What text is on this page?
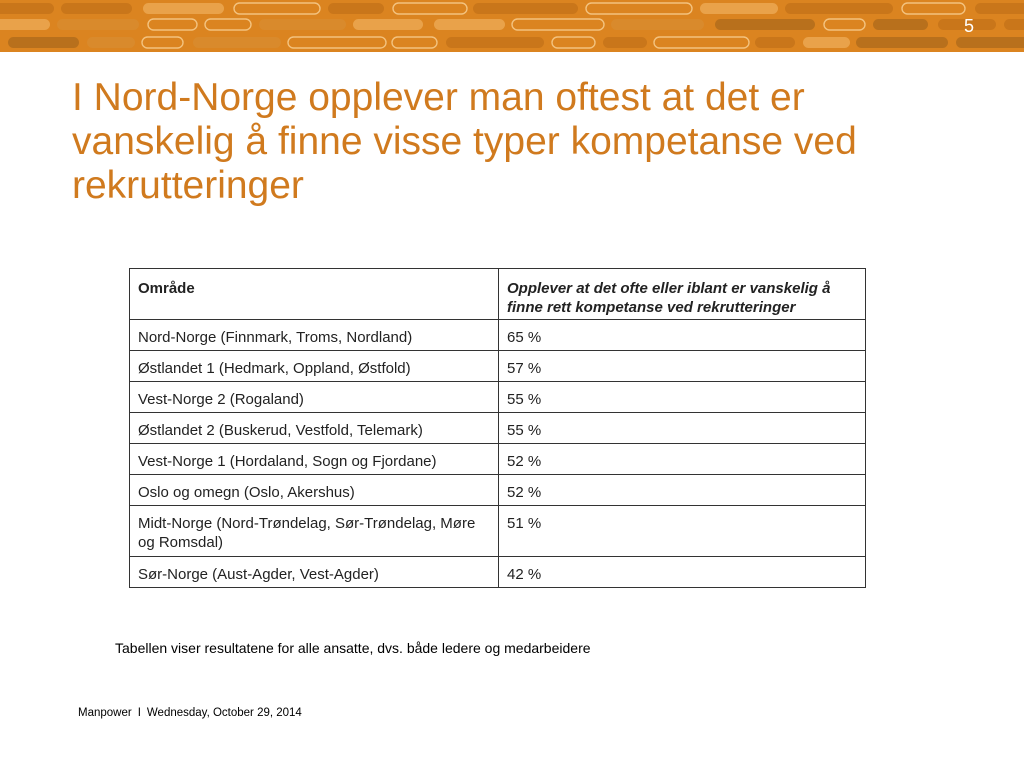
5
I Nord-Norge opplever man oftest at det er vanskelig å finne visse typer kompetanse ved rekrutteringer
Område	Opplever at det ofte eller iblant er vanskelig å finne rett kompetanse ved rekrutteringer
Nord-Norge (Finnmark, Troms, Nordland)	65 %
Østlandet 1 (Hedmark, Oppland, Østfold)	57 %
Vest-Norge 2 (Rogaland)	55 %
Østlandet 2 (Buskerud, Vestfold, Telemark)	55 %
Vest-Norge 1 (Hordaland, Sogn og Fjordane)	52 %
Oslo og omegn (Oslo, Akershus)	52 %
Midt-Norge (Nord-Trøndelag, Sør-Trøndelag, Møre og Romsdal)	51 %
Sør-Norge (Aust-Agder, Vest-Agder)	42 %

Tabellen viser resultatene for alle ansatte, dvs. både ledere og medarbeidere

Manpower I Wednesday, October 29, 2014
